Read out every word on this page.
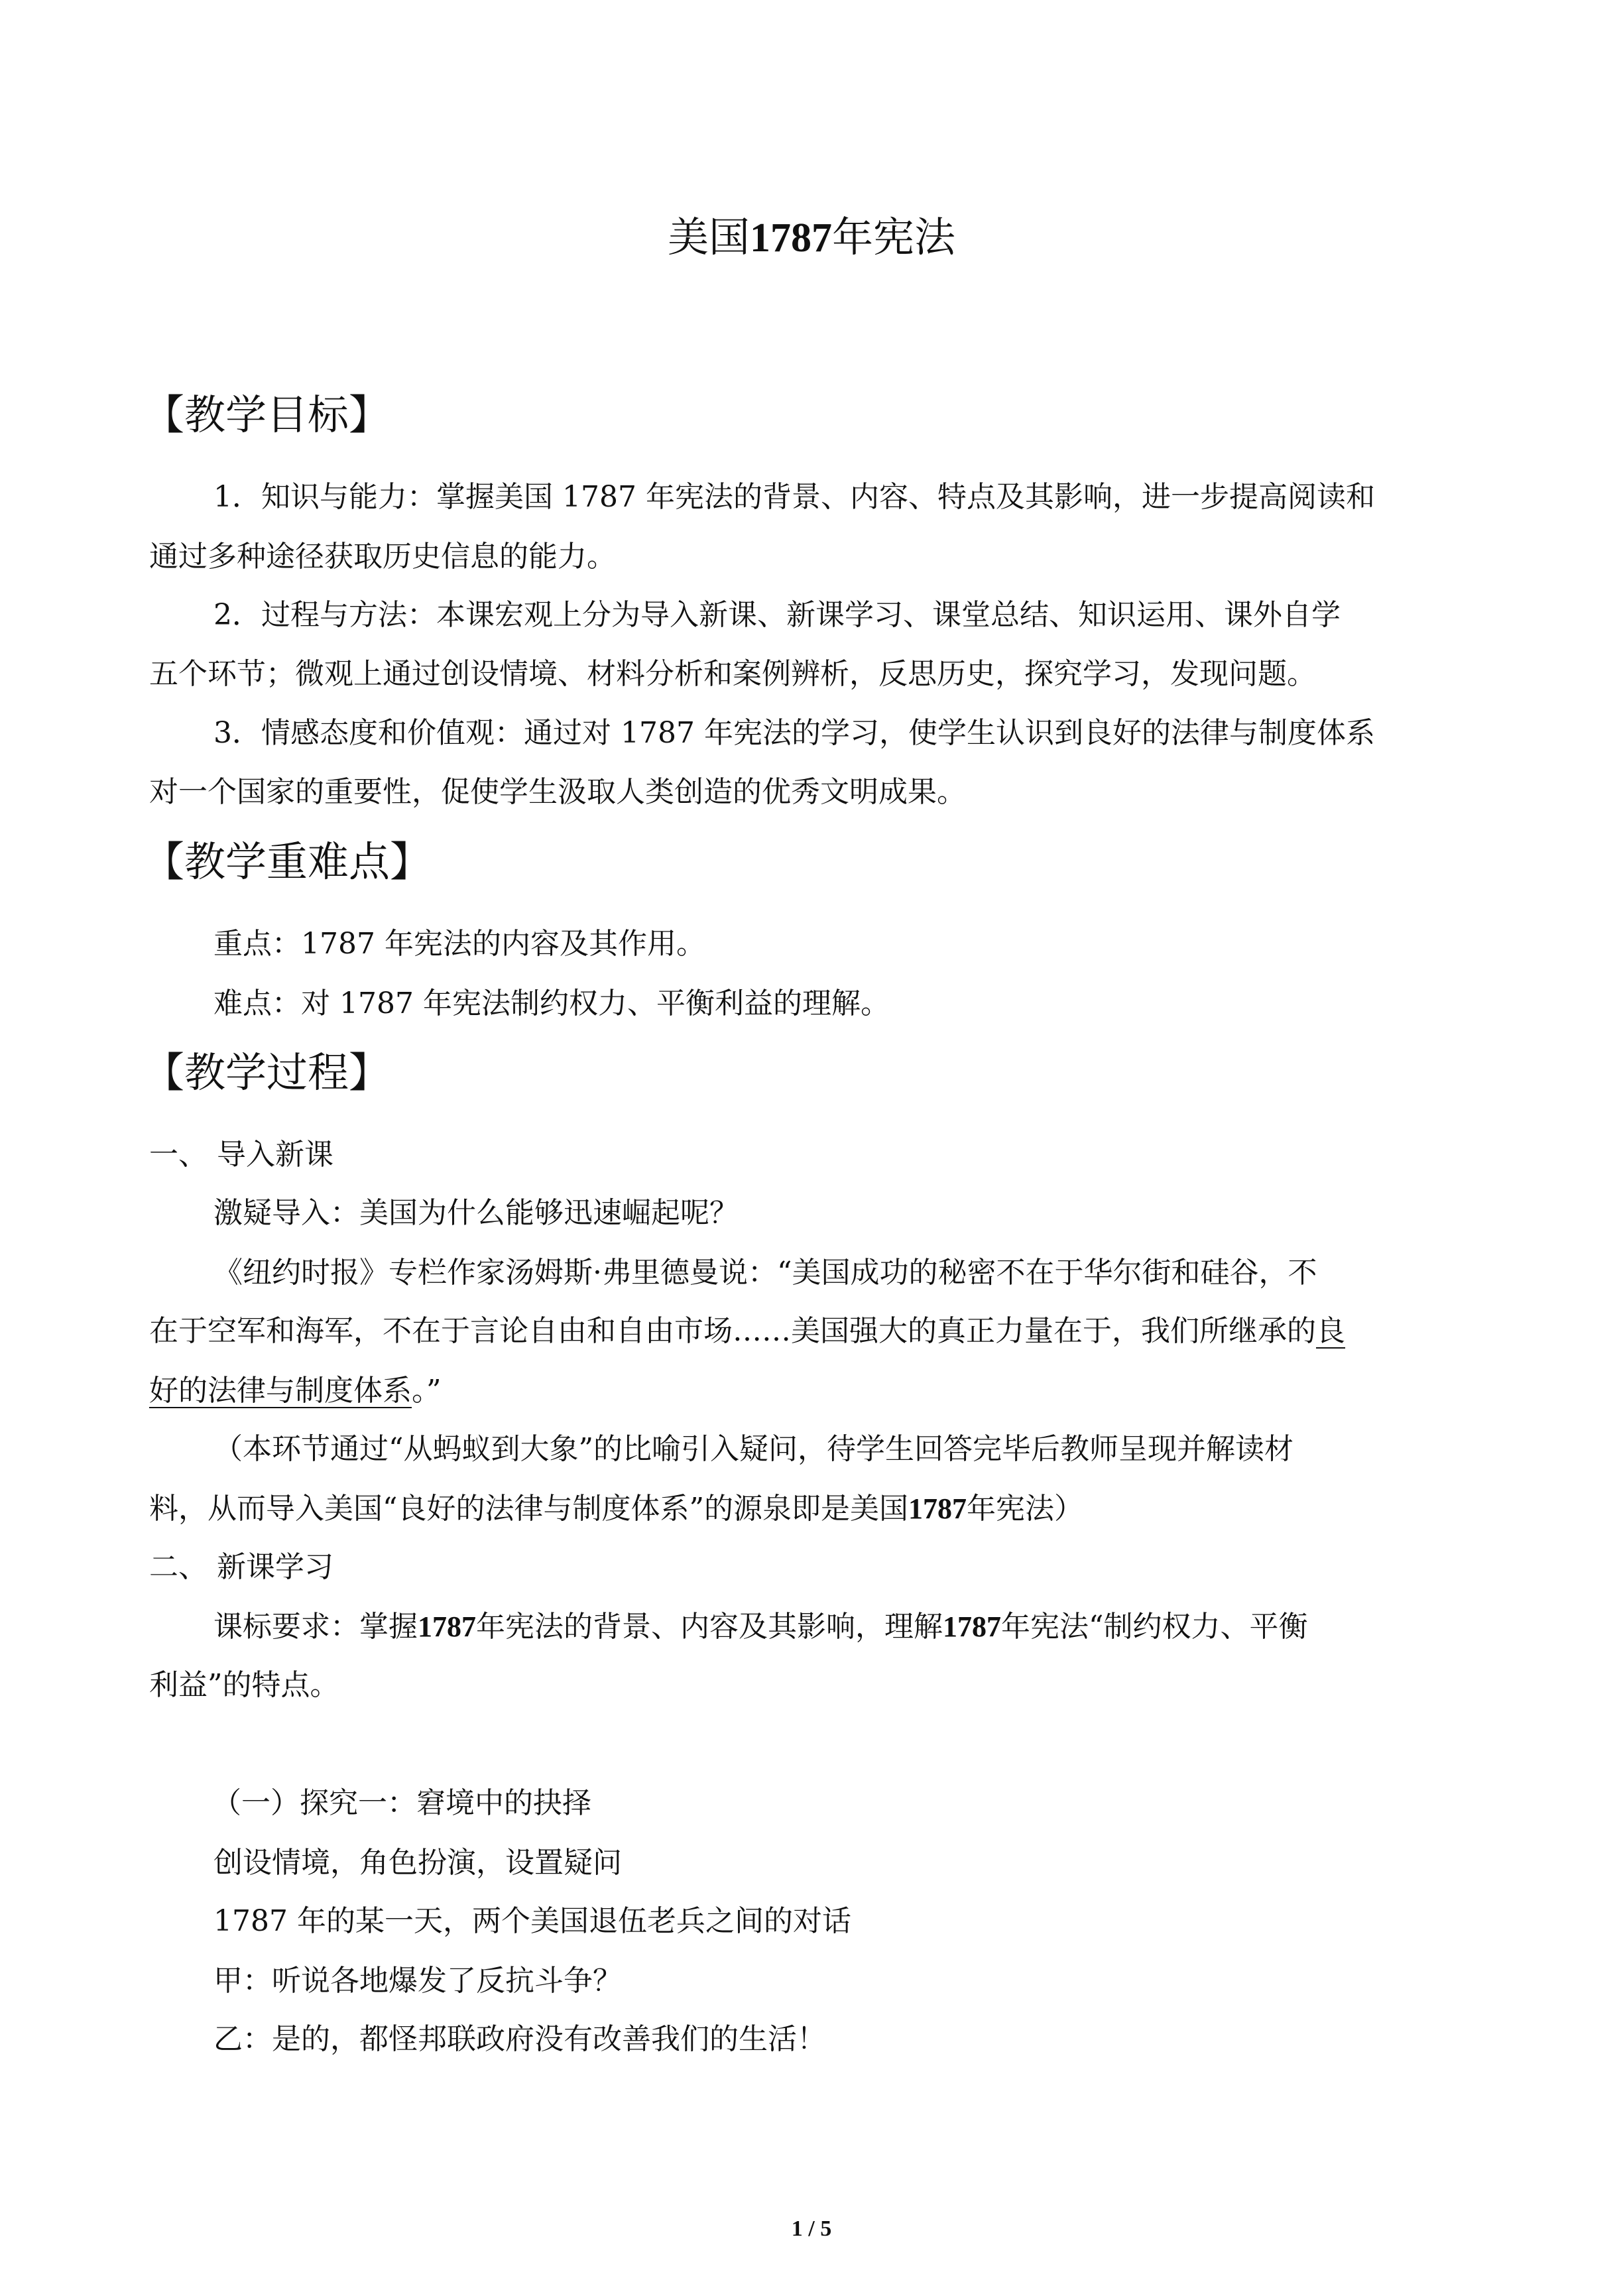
美国1787年宪法
【教学目标】
1．知识与能力：掌握美国 1787 年宪法的背景、内容、特点及其影响，进一步提高阅读和
通过多种途径获取历史信息的能力。
2．过程与方法：本课宏观上分为导入新课、新课学习、课堂总结、知识运用、课外自学
五个环节；微观上通过创设情境、材料分析和案例辨析，反思历史，探究学习，发现问题。
3．情感态度和价值观：通过对 1787 年宪法的学习，使学生认识到良好的法律与制度体系
对一个国家的重要性，促使学生汲取人类创造的优秀文明成果。
【教学重难点】
重点：1787 年宪法的内容及其作用。
难点：对 1787 年宪法制约权力、平衡利益的理解。
【教学过程】
一、 导入新课
激疑导入：美国为什么能够迅速崛起呢？
《纽约时报》专栏作家汤姆斯·弗里德曼说：“美国成功的秘密不在于华尔街和硅谷，不
在于空军和海军，不在于言论自由和自由市场……美国强大的真正力量在于，我们所继承的良
好的法律与制度体系。”
（本环节通过“从蚂蚁到大象”的比喻引入疑问，待学生回答完毕后教师呈现并解读材
料，从而导入美国“良好的法律与制度体系”的源泉即是美国1787年宪法）
二、 新课学习
课标要求：掌握1787年宪法的背景、内容及其影响，理解1787年宪法“制约权力、平衡
利益”的特点。
（一）探究一：窘境中的抉择
创设情境，角色扮演，设置疑问
1787 年的某一天，两个美国退伍老兵之间的对话
甲：听说各地爆发了反抗斗争？
乙：是的，都怪邦联政府没有改善我们的生活！
1 / 5
